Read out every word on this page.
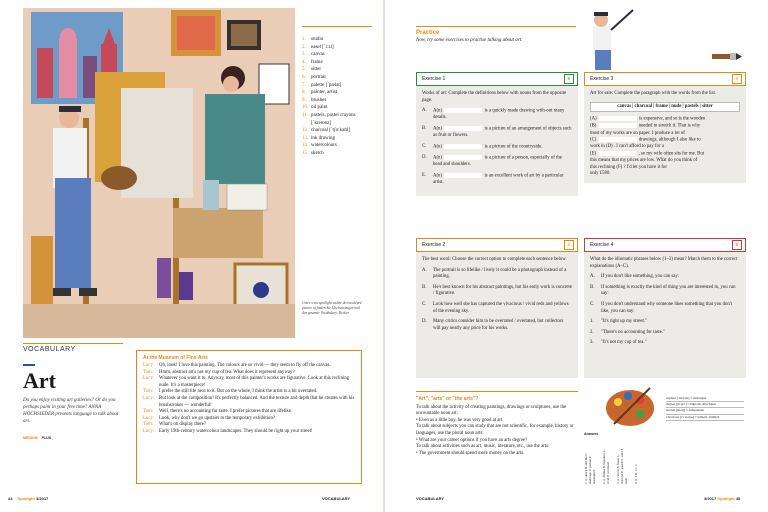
1.	studio
2.	easel [ˈiːzl]
3.	canvas
4.	frame
5.	sitter
6.	portrait
7.	palette [ˈpælət]
8.	painter, artist
9.	brushes
10. oil paint
11. pastels, pastel crayons
[ˈkreɪɒnz]
12. charcoal [ˈtʃɑːkəʊl]
13. ink drawing
14. watercolours
15. sketch
Unter www.spotlight-online.de/vocab/art/ picture of finden Sie Übersetzungen und das gesamte Vocabulary: Becker
VOCABULARY
Art
Do you enjoy visiting art galleries? Or do you perhaps paint in your free time? ANNA HOCHSIEDER presents language to talk about art.
MEDIUM PLUS
At the Museum of Fine Arts
Lucy: Oh, look! I love this painting. The colours are so vivid — they seem to fly off the canvas.
Tom:	Hmm, abstract art's not my cup of tea. What does it represent anyway?
Lucy: Whatever you want it to. Anyway, most of this painter's works are figurative. Look at this reclining nude. It's a masterpiece!
Tom:	I prefer the still life next to it. But on the whole, I think the artist is a bit overrated.
Lucy: But look at the composition! It's perfectly balanced. And the texture and depth that he creates with his brushstrokes — wonderful!
Tom:	Well, there's no accounting for taste. I prefer pictures that are lifelike.
Lucy: Look, why don't we go upstairs to the temporary exhibition?
Tom:	What's on display there?
Lucy: Early 19th-century watercolour landscapes. They should be right up your street!
44 Spotlight 3/2017	VOCABULARY
Practice
Now, try some exercises to practise talking about art.
Exercise 1	≡
Works of art: Complete the definitions below with nouns from the opposite page.
A.	A(n)	is a quickly made drawing with-out many details.
B.	A(n)	is a picture of an arrangement of objects such as fruit or flowers.
C.	A(n)	is a picture of the countryside.
D.	A(n)	is a picture of a person, especially of the head and shoulders.
E.	A(n)	is an excellent work of art by a particular artist.
Exercise 3	≡
Art for sale: Complete the paragraph with the words from the list.
canvas | charcoal | frame | nude | pastels | sitter
(A)	is expensive, and so is the wooden
(B)	needed to stretch it. That is why
most of my works are on paper. I produce a lot of
(C)	drawings, although I also like to
work in (D) . I can't afford to pay for a
(E)	, so my wife often sits for me. But
this means that my prices are low. What do you think of
this reclining (F) ? I'd let you have it for
only £580.
Exercise 2	≡
The best word: Choose the correct option to complete each sentence below.
A.	The portrait is so lifelike / lively it could be a photograph instead of a painting.
B.	He's best known for his abstract paintings, but his early work is concrete / figurative.
C.	Look how well she has captured the vivacious / vivid reds and yellows of the evening sky.
D.	Many critics consider him to be overrated / overrated, but collectors will pay nearly any price for his works.
Exercise 4	≡
What do the idiomatic phrases below (1–3) mean? Match them to the correct explanations (A–C).
A.	If you don't like something, you can say:
B.	If something is exactly the kind of thing you are interested in, you can say:
C.	If you don't understand why someone likes something that you don't like, you can say:
1.	"It's right up my street."
2.	"There's no accounting for taste."
3.	"It's not my cup of tea."
"Art", "arts" or "the arts"?
To talk about the activity of creating paintings, drawings or sculptures, use the uncountable noun art:
• Even as a little boy, he was very good at art.
To talk about subjects you can study that are not scientific, for example, history or languages, use the plural noun arts:
• What are your career options if you have an arts degree?
To talk about activities such as art, music, literature, etc., use the arts:
• The government should spend more money on the arts.
capture [ˈkæptʃə] ≈ einfangen
degree [dɪˈɡriː] ≈ Diplom, Abschluss
stretch [stretʃ] ≈ aufspannen
vivacious [vɪˈveɪʃəs] ≈ lebhaft, fröhlich
Answers
1: A. sketch B. still life C. landscape D. portrait E. masterpiece 2: A. lifelike B. figurative C. vivid D. overrated 3: A. canvas B. frame C. charcoal D. pastels E. sitter F. nude 4: A. 3 B. 1 C. 2
VOCABULARY	3/2017 Spotlight 45
